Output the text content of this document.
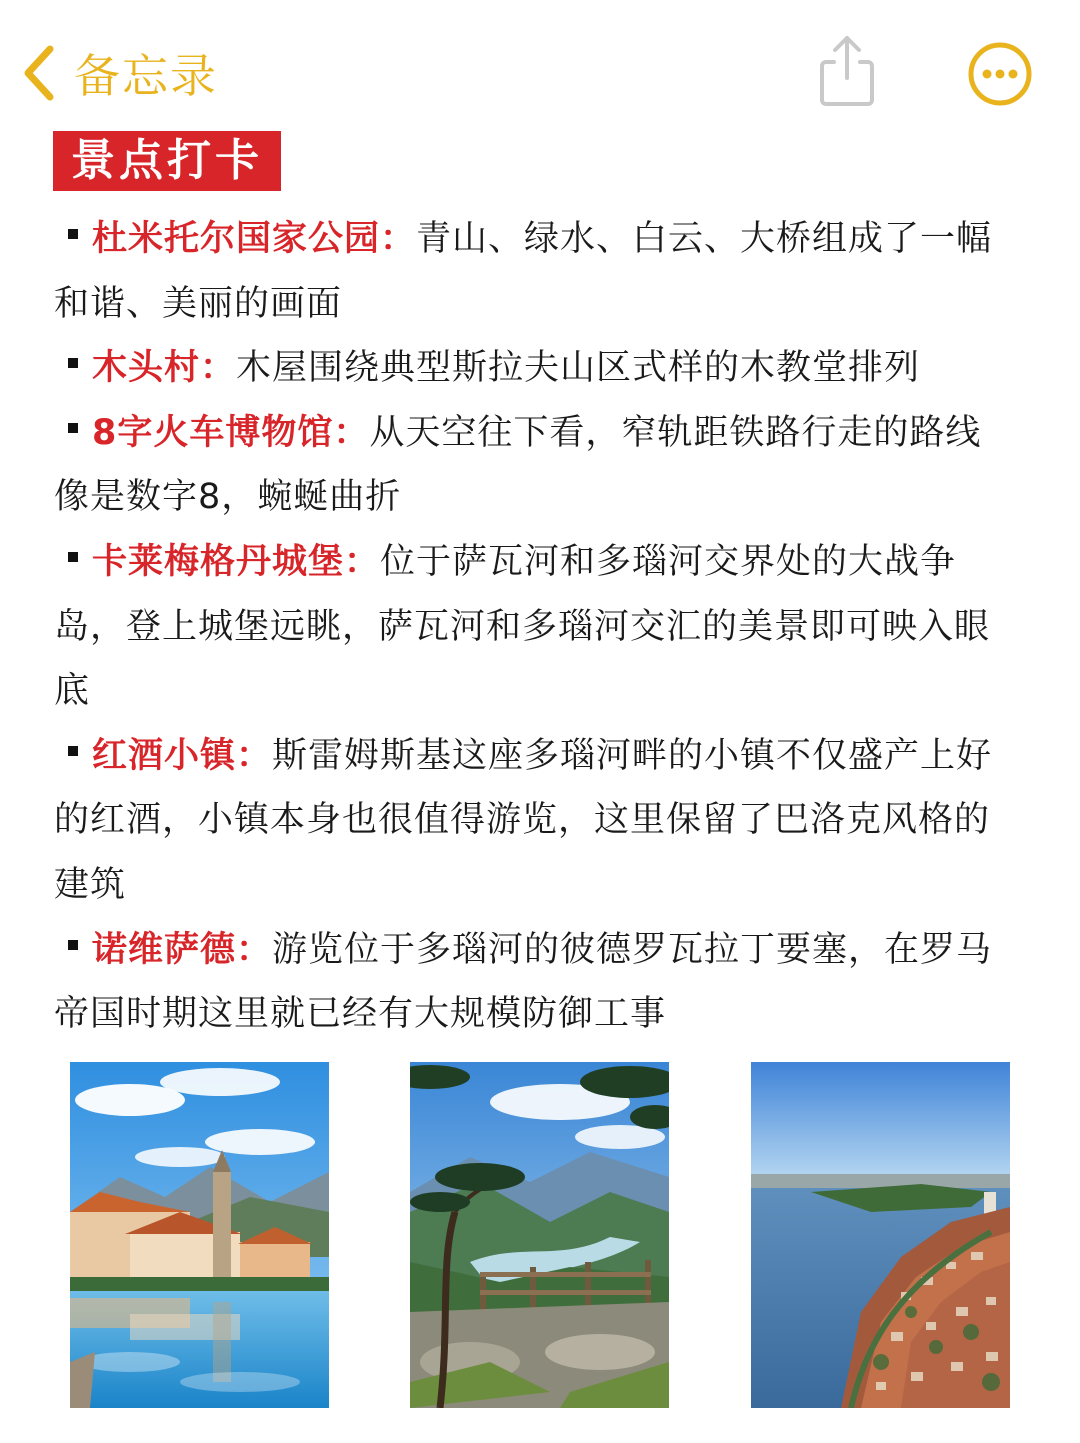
备忘录
景点打卡
杜米托尔国家公园：青山、绿水、白云、大桥组成了一幅和谐、美丽的画面
木头村：木屋围绕典型斯拉夫山区式样的木教堂排列
8字火车博物馆：从天空往下看，窄轨距铁路行走的路线像是数字8，蜿蜒曲折
卡莱梅格丹城堡：位于萨瓦河和多瑙河交界处的大战争岛，登上城堡远眺，萨瓦河和多瑙河交汇的美景即可映入眼底
红酒小镇：斯雷姆斯基这座多瑙河畔的小镇不仅盛产上好的红酒，小镇本身也很值得游览，这里保留了巴洛克风格的建筑
诺维萨德：游览位于多瑙河的彼德罗瓦拉丁要塞，在罗马帝国时期这里就已经有大规模防御工事
